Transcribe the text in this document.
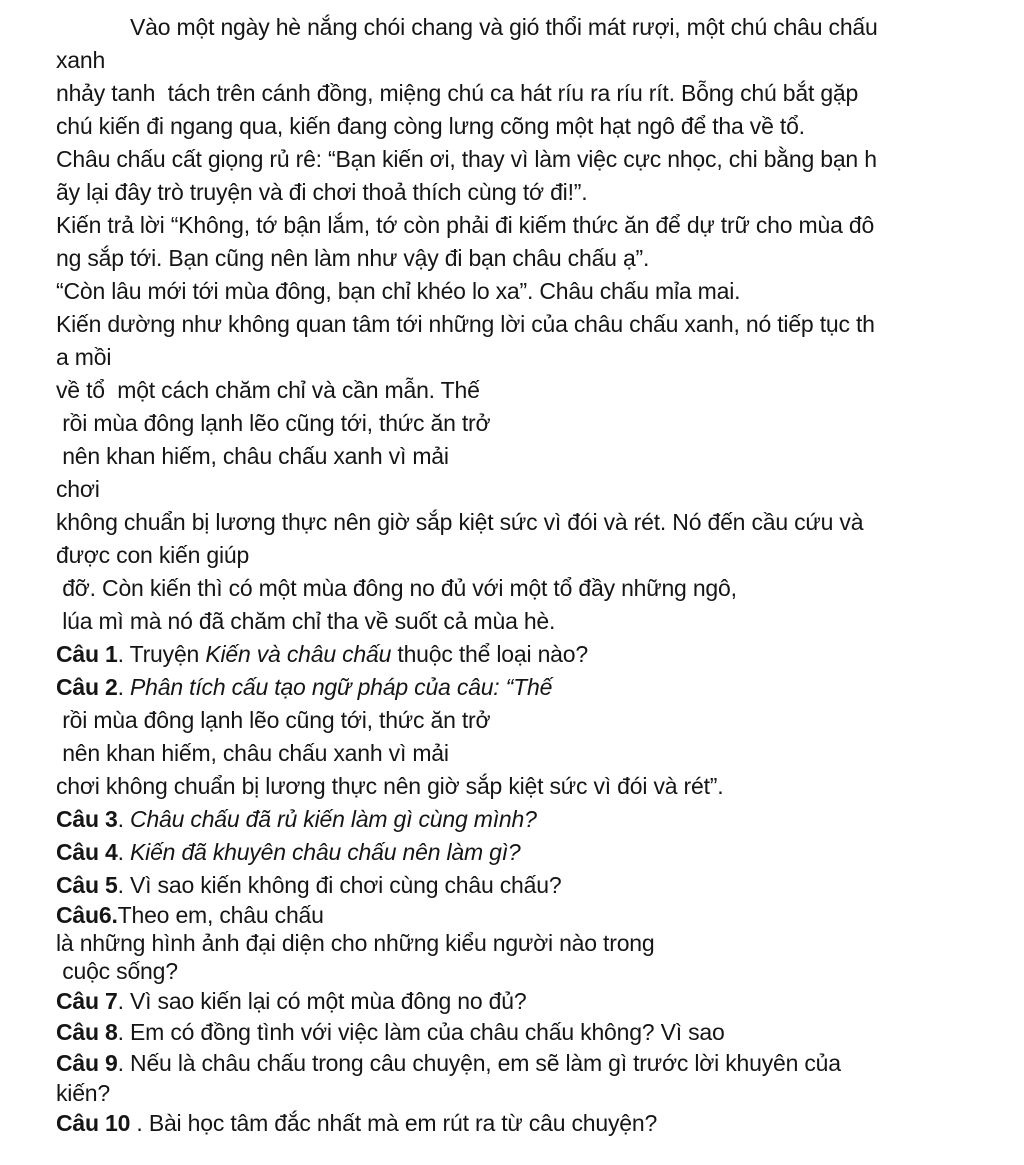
Vào một ngày hè nắng chói chang và gió thổi mát rượi, một chú châu chấu
xanh
nhảy tanh  tách trên cánh đồng, miệng chú ca hát ríu ra ríu rít. Bỗng chú bắt gặp
chú kiến đi ngang qua, kiến đang còng lưng cõng một hạt ngô để tha về tổ.
Châu chấu cất giọng rủ rê: “Bạn kiến ơi, thay vì làm việc cực nhọc, chi bằng bạn h
ãy lại đây trò truyện và đi chơi thoả thích cùng tớ đi!”.
Kiến trả lời “Không, tớ bận lắm, tớ còn phải đi kiếm thức ăn để dự trữ cho mùa đô
ng sắp tới. Bạn cũng nên làm như vậy đi bạn châu chấu ạ”.
“Còn lâu mới tới mùa đông, bạn chỉ khéo lo xa”. Châu chấu mỉa mai.
Kiến dường như không quan tâm tới những lời của châu chấu xanh, nó tiếp tục th
a mồi
về tổ  một cách chăm chỉ và cần mẫn. Thế
rồi mùa đông lạnh lẽo cũng tới, thức ăn trở
nên khan hiếm, châu chấu xanh vì mải
chơi
không chuẩn bị lương thực nên giờ sắp kiệt sức vì đói và rét. Nó đến cầu cứu và
được con kiến giúp
đỡ. Còn kiến thì có một mùa đông no đủ với một tổ đầy những ngô,
lúa mì mà nó đã chăm chỉ tha về suốt cả mùa hè.
Câu 1. Truyện Kiến và châu chấu thuộc thể loại nào?
Câu 2. Phân tích cấu tạo ngữ pháp của câu: “Thế
rồi mùa đông lạnh lẽo cũng tới, thức ăn trở
nên khan hiếm, châu chấu xanh vì mải
chơi không chuẩn bị lương thực nên giờ sắp kiệt sức vì đói và rét”.
Câu 3. Châu chấu đã rủ kiến làm gì cùng mình?
Câu 4. Kiến đã khuyên châu chấu nên làm gì?
Câu 5. Vì sao kiến không đi chơi cùng châu chấu?
Câu6.Theo em, châu chấu
là những hình ảnh đại diện cho những kiểu người nào trong
cuộc sống?
Câu 7. Vì sao kiến lại có một mùa đông no đủ?
Câu 8. Em có đồng tình với việc làm của châu chấu không? Vì sao
Câu 9. Nếu là châu chấu trong câu chuyện, em sẽ làm gì trước lời khuyên của
kiến?
Câu 10 . Bài học tâm đắc nhất mà em rút ra từ câu chuyện?
